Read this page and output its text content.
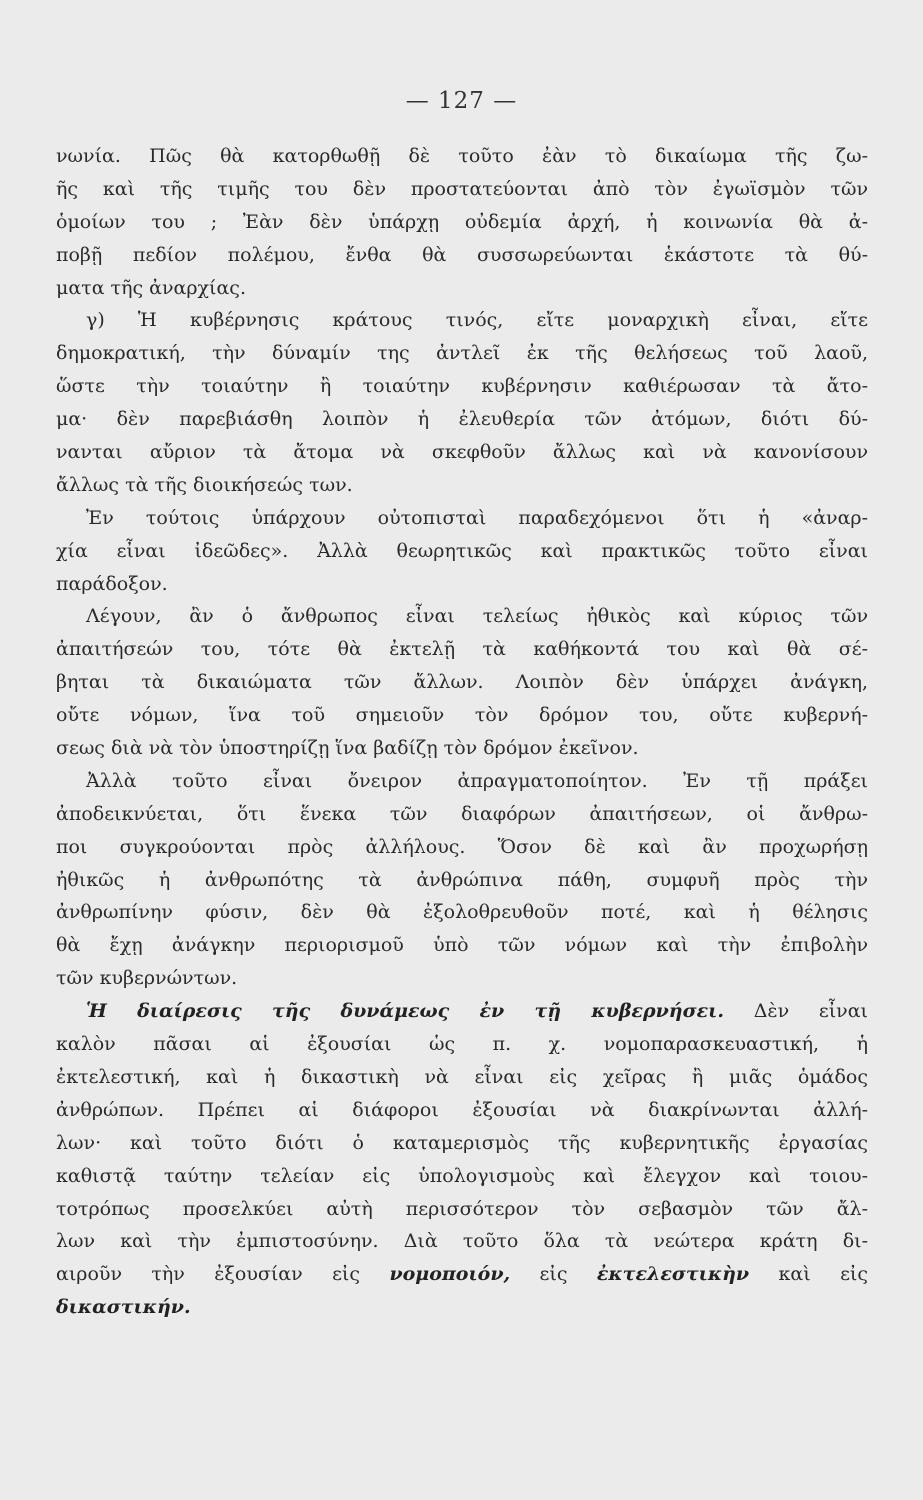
— 127 —
νωνία. Πῶς θὰ κατορθωθῇ δὲ τοῦτο ἐὰν τὸ δικαίωμα τῆς ζω-
ῆς καὶ τῆς τιμῆς του δὲν προστατεύονται ἀπὸ τὸν ἐγωϊσμὸν τῶν
ὁμοίων του ; Ἐὰν δὲν ὑπάρχῃ οὐδεμία ἀρχή, ἡ κοινωνία θὰ ἀ-
ποβῇ πεδίον πολέμου, ἔνθα θὰ συσσωρεύωνται ἑκάστοτε τὰ θύ-
ματα τῆς ἀναρχίας.
γ) Ἡ κυβέρνησις κράτους τινός, εἴτε μοναρχικὴ εἶναι, εἴτε
δημοκρατική, τὴν δύναμίν της ἀντλεῖ ἐκ τῆς θελήσεως τοῦ λαοῦ,
ὥστε τὴν τοιαύτην ἢ τοιαύτην κυβέρνησιν καθιέρωσαν τὰ ἄτο-
μα· δὲν παρεβιάσθη λοιπὸν ἡ ἐλευθερία τῶν ἀτόμων, διότι δύ-
νανται αὔριον τὰ ἄτομα νὰ σκεφθοῦν ἄλλως καὶ νὰ κανονίσουν
ἄλλως τὰ τῆς διοικήσεώς των.
Ἐν τούτοις ὑπάρχουν οὐτοπισταὶ παραδεχόμενοι ὅτι ἡ «ἀναρ-
χία εἶναι ἰδεῶδες». Ἀλλὰ θεωρητικῶς καὶ πρακτικῶς τοῦτο εἶναι
παράδοξον.
Λέγουν, ἂν ὁ ἄνθρωπος εἶναι τελείως ἠθικὸς καὶ κύριος τῶν
ἀπαιτήσεών του, τότε θὰ ἐκτελῇ τὰ καθήκοντά του καὶ θὰ σέ-
βηται τὰ δικαιώματα τῶν ἄλλων. Λοιπὸν δὲν ὑπάρχει ἀνάγκη,
οὔτε νόμων, ἵνα τοῦ σημειοῦν τὸν δρόμον του, οὔτε κυβερνή-
σεως διὰ νὰ τὸν ὑποστηρίζῃ ἵνα βαδίζῃ τὸν δρόμον ἐκεῖνον.
Ἀλλὰ τοῦτο εἶναι ὄνειρον ἀπραγματοποίητον. Ἐν τῇ πράξει
ἀποδεικνύεται, ὅτι ἕνεκα τῶν διαφόρων ἀπαιτήσεων, οἱ ἄνθρω-
ποι συγκρούονται πρὸς ἀλλήλους. Ὅσον δὲ καὶ ἂν προχωρήσῃ
ἠθικῶς ἡ ἀνθρωπότης τὰ ἀνθρώπινα πάθη, συμφυῆ πρὸς τὴν
ἀνθρωπίνην φύσιν, δὲν θὰ ἐξολοθρευθοῦν ποτέ, καὶ ἡ θέλησις
θὰ ἔχῃ ἀνάγκην περιορισμοῦ ὑπὸ τῶν νόμων καὶ τὴν ἐπιβολὴν
τῶν κυβερνώντων.
Ἡ διαίρεσις τῆς δυνάμεως ἐν τῇ κυβερνήσει. Δὲν εἶναι
καλὸν πᾶσαι αἱ ἐξουσίαι ὡς π. χ. νομοπαρασκευαστική, ἡ
ἐκτελεστική, καὶ ἡ δικαστικὴ νὰ εἶναι εἰς χεῖρας ἢ μιᾶς ὁμάδος
ἀνθρώπων. Πρέπει αἱ διάφοροι ἐξουσίαι νὰ διακρίνωνται ἀλλή-
λων· καὶ τοῦτο διότι ὁ καταμερισμὸς τῆς κυβερνητικῆς ἐργασίας
καθιστᾷ ταύτην τελείαν εἰς ὑπολογισμοὺς καὶ ἔλεγχον καὶ τοιου-
τοτρόπως προσελκύει αὐτὴ περισσότερον τὸν σεβασμὸν τῶν ἄλ-
λων καὶ τὴν ἐμπιστοσύνην. Διὰ τοῦτο ὅλα τὰ νεώτερα κράτη δι-
αιροῦν τὴν ἐξουσίαν εἰς νομοποιόν, εἰς ἐκτελεστικὴν καὶ εἰς
δικαστικήν.
